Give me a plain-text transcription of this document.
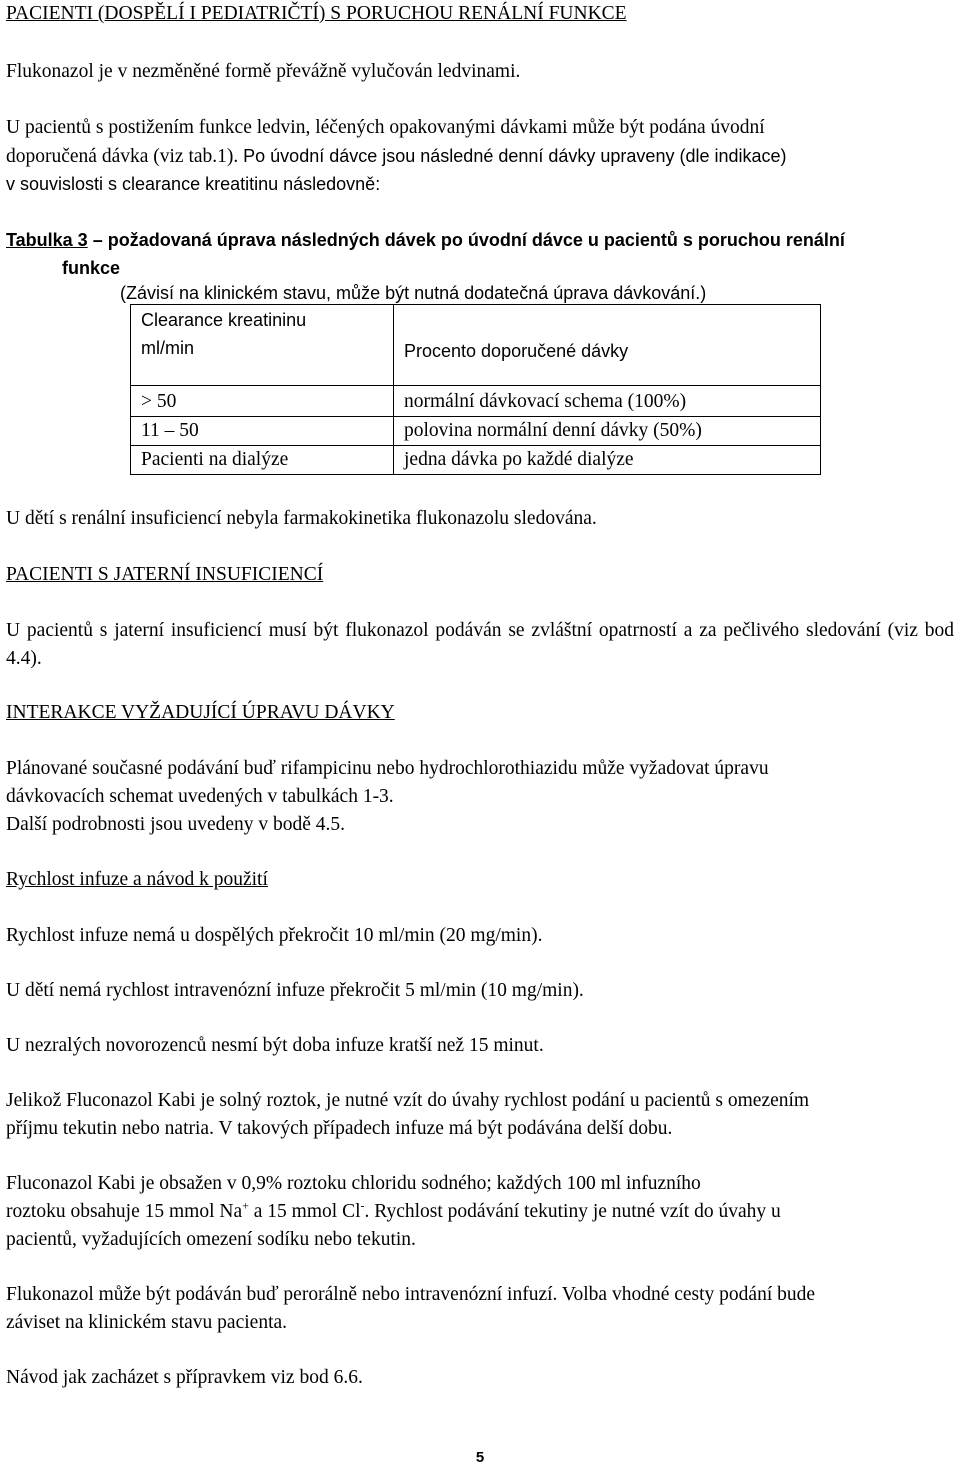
PACIENTI (DOSPĚLÍ I PEDIATRIČTÍ) S PORUCHOU RENÁLNÍ FUNKCE

Flukonazol je v nezměněné formě převážně vylučován ledvinami.

U pacientů s postižením funkce ledvin, léčených opakovanými dávkami může být podána úvodní

doporučená dávka (viz tab.1). Po úvodní dávce jsou následné denní dávky upraveny (dle indikace)

v souvislosti s clearance kreatitinu následovně:

Tabulka 3 – požadovaná úprava následných dávek po úvodní dávce u pacientů s poruchou renální

funkce

(Závisí na klinickém stavu, může být nutná dodatečná úprava dávkování.)

Clearance kreatininu
ml/min	Procento doporučené dávky

> 50	normální dávkovací schema (100%)
11 – 50	polovina normální denní dávky (50%)
Pacienti na dialýze	jedna dávka po každé dialýze

U dětí s renální insuficiencí nebyla farmakokinetika flukonazolu sledována.

PACIENTI S JATERNÍ INSUFICIENCÍ

U pacientů s jaterní insuficiencí musí být flukonazol podáván se zvláštní opatrností a za pečlivého sledování (viz bod 4.4).

INTERAKCE VYŽADUJÍCÍ ÚPRAVU DÁVKY

Plánované současné podávání buď rifampicinu nebo hydrochlorothiazidu může vyžadovat úpravu

dávkovacích schemat uvedených v tabulkách 1-3.

Další podrobnosti jsou uvedeny v bodě 4.5.

Rychlost infuze a návod k použití

Rychlost infuze nemá u dospělých překročit 10 ml/min (20 mg/min).

U dětí nemá rychlost intravenózní infuze překročit 5 ml/min (10 mg/min).

U nezralých novorozenců nesmí být doba infuze kratší než 15 minut.

Jelikož Fluconazol Kabi je solný roztok, je nutné vzít do úvahy rychlost podání u pacientů s omezením

příjmu tekutin nebo natria. V takových případech infuze má být podávána delší dobu.

Fluconazol Kabi je obsažen v 0,9% roztoku chloridu sodného; každých 100 ml infuzního

roztoku obsahuje 15 mmol Na+ a 15 mmol Cl-. Rychlost podávání tekutiny je nutné vzít do úvahy u

pacientů, vyžadujících omezení sodíku nebo tekutin.

Flukonazol může být podáván buď perorálně nebo intravenózní infuzí. Volba vhodné cesty podání bude

záviset na klinickém stavu pacienta.

Návod jak zacházet s přípravkem viz bod 6.6.

5
